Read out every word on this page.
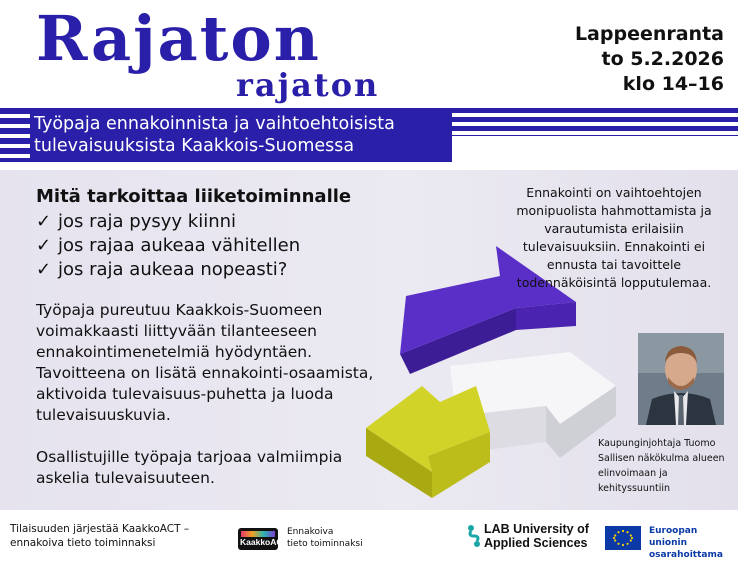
Rajaton
rajaton
Lappeenranta
to 5.2.2026
klo 14–16
Työpaja ennakoinnista ja vaihtoehtoisista
tulevaisuuksista Kaakkois-Suomessa
Mitä tarkoittaa liiketoiminnalle
✓ jos raja pysyy kiinni
✓ jos rajaa aukeaa vähitellen
✓ jos raja aukeaa nopeasti?

Työpaja pureutuu Kaakkois-Suomeen voimakkaasti liittyvään tilanteeseen ennakointimenetelmiä hyödyntäen. Tavoitteena on lisätä ennakointi-osaamista, aktivoida tulevaisuus-puhetta ja luoda tulevaisuuskuvia.

Osallistujille työpaja tarjoaa valmiimpia askelia tulevaisuuteen.

Ennakointi on vaihtoehtojen monipuolista hahmottamista ja varautumista erilaisiin tulevaisuuksiin. Ennakointi ei ennusta tai tavoittele todennäköisintä lopputulemaa.
Kaupunginjohtaja Tuomo Sallisen näkökulma alueen elinvoimaan ja kehityssuuntiin
Tilaisuuden järjestää KaakkoACT –
ennakoiva tieto toiminnaksi	KaakkoACT
Ennakoiva
tieto toiminnaksi
LAB University of
Applied Sciences
Euroopan unionin
osarahoittama
